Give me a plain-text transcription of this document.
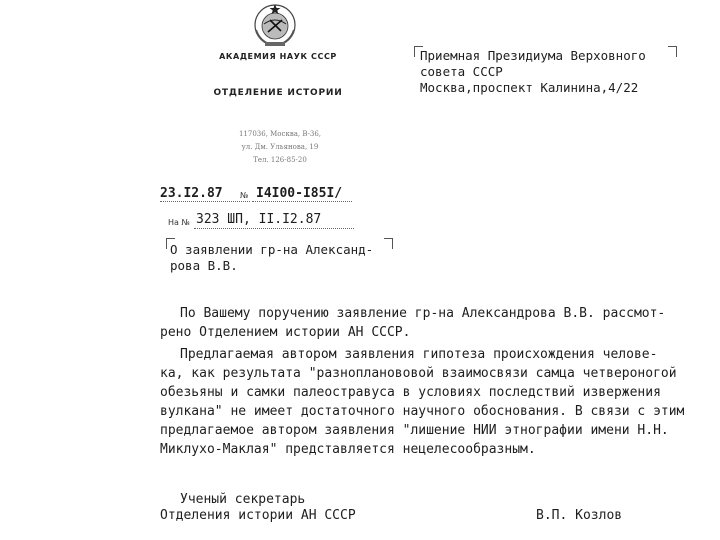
АКАДЕМИЯ НАУК СССР
ОТДЕЛЕНИЕ ИСТОРИИ
117036, Москва, В-36,
ул. Дм. Ульянова, 19
Тел. 126-85-20
Приемная Президиума Верховного
совета СССР
Москва,проспект Калинина,4/22
23.I2.87 № I4I00-I85I/
На № 323 ШП, II.I2.87
О заявлении гр-на Александ-
рова В.В.
По Вашему поручению заявление гр-на Александрова В.В. рассмот-
рено Отделением истории АН СССР.
Предлагаемая автором заявления гипотеза происхождения челове-
ка, как результата "разнопланововой взаимосвязи самца четвероногой
обезьяны и самки палеостравуса в условиях последствий извержения
вулкана" не имеет достаточного научного обоснования. В связи с этим
предлагаемое автором заявления "лишение НИИ этнографии имени Н.Н.
Миклухо-Маклая" представляется нецелесообразным.
Ученый секретарь
Отделения истории АН СССР	В.П. Козлов
